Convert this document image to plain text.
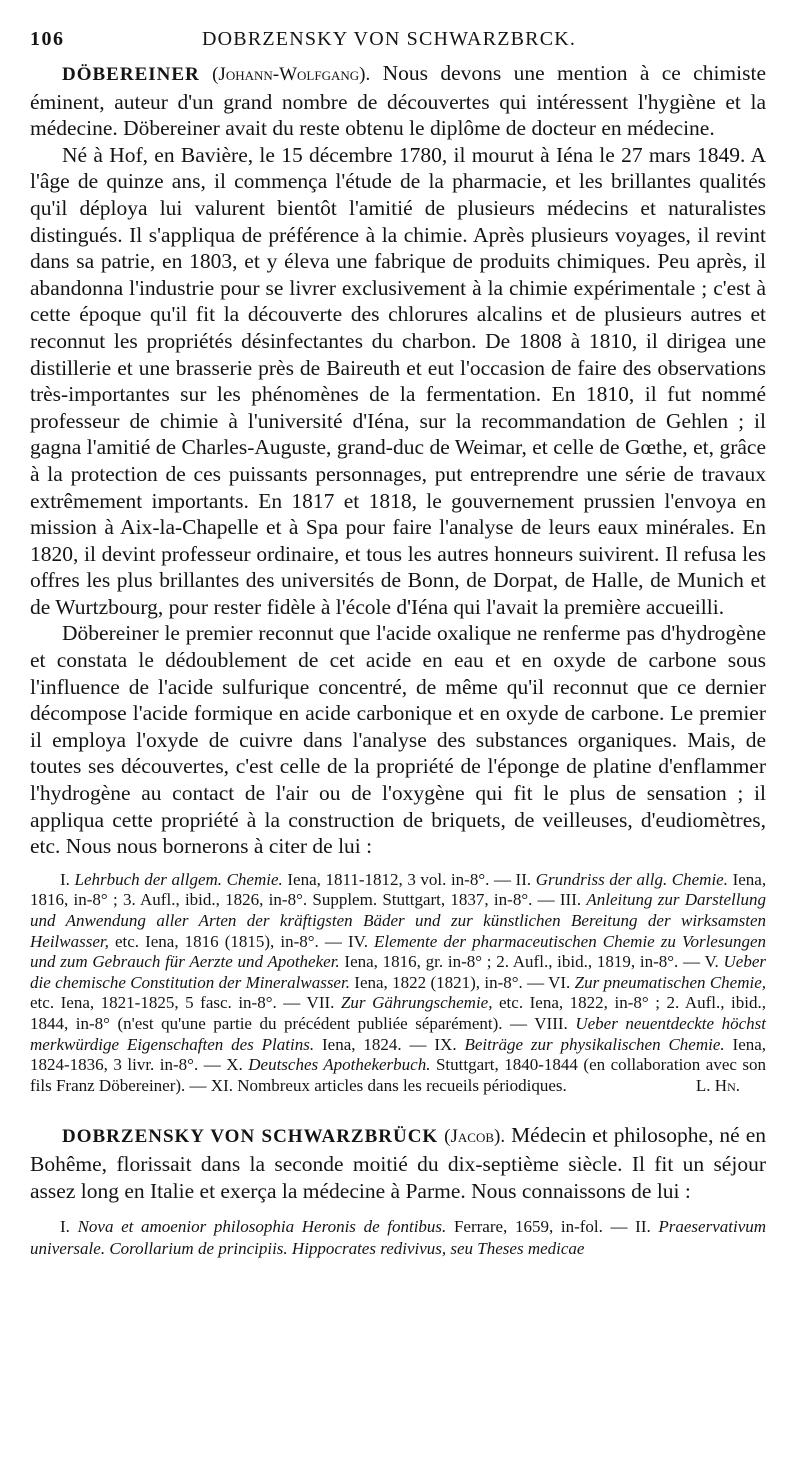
106	DOBRZENSKY VON SCHWARZBRCK.

DÖBEREINER (Johann-Wolfgang). Nous devons une mention à ce chimiste éminent, auteur d'un grand nombre de découvertes qui intéressent l'hygiène et la médecine. Döbereiner avait du reste obtenu le diplôme de docteur en médecine.

Né à Hof, en Bavière, le 15 décembre 1780, il mourut à Iéna le 27 mars 1849. A l'âge de quinze ans, il commença l'étude de la pharmacie, et les brillantes qualités qu'il déploya lui valurent bientôt l'amitié de plusieurs médecins et naturalistes distingués. Il s'appliqua de préférence à la chimie. Après plusieurs voyages, il revint dans sa patrie, en 1803, et y éleva une fabrique de produits chimiques. Peu après, il abandonna l'industrie pour se livrer exclusivement à la chimie expérimentale ; c'est à cette époque qu'il fit la découverte des chlorures alcalins et de plusieurs autres et reconnut les propriétés désinfectantes du charbon. De 1808 à 1810, il dirigea une distillerie et une brasserie près de Baireuth et eut l'occasion de faire des observations très-importantes sur les phénomènes de la fermentation. En 1810, il fut nommé professeur de chimie à l'université d'Iéna, sur la recommandation de Gehlen ; il gagna l'amitié de Charles-Auguste, grand-duc de Weimar, et celle de Gœthe, et, grâce à la protection de ces puissants personnages, put entreprendre une série de travaux extrêmement importants. En 1817 et 1818, le gouvernement prussien l'envoya en mission à Aix-la-Chapelle et à Spa pour faire l'analyse de leurs eaux minérales. En 1820, il devint professeur ordinaire, et tous les autres honneurs suivirent. Il refusa les offres les plus brillantes des universités de Bonn, de Dorpat, de Halle, de Munich et de Wurtzbourg, pour rester fidèle à l'école d'Iéna qui l'avait la première accueilli.

Döbereiner le premier reconnut que l'acide oxalique ne renferme pas d'hydrogène et constata le dédoublement de cet acide en eau et en oxyde de carbone sous l'influence de l'acide sulfurique concentré, de même qu'il reconnut que ce dernier décompose l'acide formique en acide carbonique et en oxyde de carbone. Le premier il employa l'oxyde de cuivre dans l'analyse des substances organiques. Mais, de toutes ses découvertes, c'est celle de la propriété de l'éponge de platine d'enflammer l'hydrogène au contact de l'air ou de l'oxygène qui fit le plus de sensation ; il appliqua cette propriété à la construction de briquets, de veilleuses, d'eudiomètres, etc. Nous nous bornerons à citer de lui :

I. Lehrbuch der allgem. Chemie. Iena, 1811-1812, 3 vol. in-8°. — II. Grundriss der allg. Chemie. Iena, 1816, in-8° ; 3. Aufl., ibid., 1826, in-8°. Supplem. Stuttgart, 1837, in-8°. — III. Anleitung zur Darstellung und Anwendung aller Arten der kräftigsten Bäder und zur künstlichen Bereitung der wirksamsten Heilwasser, etc. Iena, 1816 (1815), in-8°. — IV. Elemente der pharmaceutischen Chemie zu Vorlesungen und zum Gebrauch für Aerzte und Apotheker. Iena, 1816, gr. in-8° ; 2. Aufl., ibid., 1819, in-8°. — V. Ueber die chemische Constitution der Mineralwasser. Iena, 1822 (1821), in-8°. — VI. Zur pneumatischen Chemie, etc. Iena, 1821-1825, 5 fasc. in-8°. — VII. Zur Gährungschemie, etc. Iena, 1822, in-8° ; 2. Aufl., ibid., 1844, in-8° (n'est qu'une partie du précédent publiée séparément). — VIII. Ueber neuentdeckte höchst merkwürdige Eigenschaften des Platins. Iena, 1824. — IX. Beiträge zur physikalischen Chemie. Iena, 1824-1836, 3 livr. in-8°. — X. Deutsches Apothekerbuch. Stuttgart, 1840-1844 (en collaboration avec son fils Franz Döbereiner). — XI. Nombreux articles dans les recueils périodiques.	L. Hn.

DOBRZENSKY VON SCHWARZBRÜCK (Jacob). Médecin et philosophe, né en Bohême, florissait dans la seconde moitié du dix-septième siècle. Il fit un séjour assez long en Italie et exerça la médecine à Parme. Nous connaissons de lui :

I. Nova et amoenior philosophia Heronis de fontibus. Ferrare, 1659, in-fol. — II. Praeservativum universale. Corollarium de principiis. Hippocrates redivivus, seu Theses medicae
